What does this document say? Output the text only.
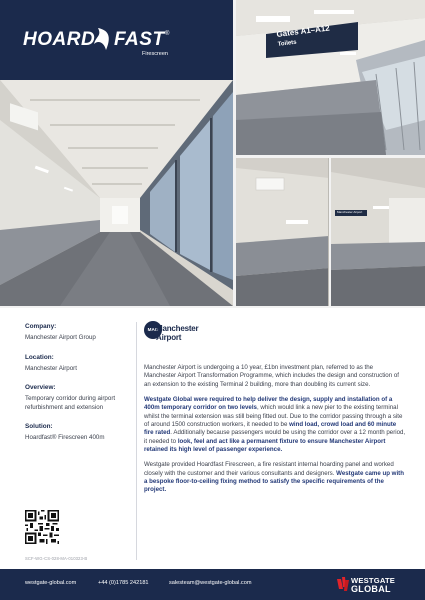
Gates A1–A12
Toilets
Manchester Airport
HOARD FAST ®
Firescreen
Company:
Manchester Airport Group
Location:
Manchester Airport
Overview:
Temporary corridor during airport refurbishment and extension
Solution:
Hoardfast® Firescreen 400m
SCF-WG-CS-028-MA-010323-B
MAG
Manchester
Airport

Manchester Airport is undergoing a 10 year, £1bn investment plan, referred to as the Manchester Airport Transformation Programme, which includes the design and construction of an extension to the existing Terminal 2 building, more than doubling its current size.

Westgate Global were required to help deliver the design, supply and installation of a 400m temporary corridor on two levels, which would link a new pier to the existing terminal whilst the terminal extension was still being fitted out. Due to the corridor passing through a site of around 1500 construction workers, it needed to be wind load, crowd load and 60 minute fire rated. Additionally because passengers would be using the corridor over a 12 month period, it needed to look, feel and act like a permanent fixture to ensure Manchester Airport retained its high level of passenger experience.

Westgate provided Hoardfast Firescreen, a fire resistant internal hoarding panel and worked closely with the customer and their various consultants and designers. Westgate came up with a bespoke floor-to-ceiling fixing method to satisfy the specific requirements of the project.

westgate-global.com	+44 (0)1785 242181	salesteam@westgate-global.com	WESTGATE
GLOBAL
